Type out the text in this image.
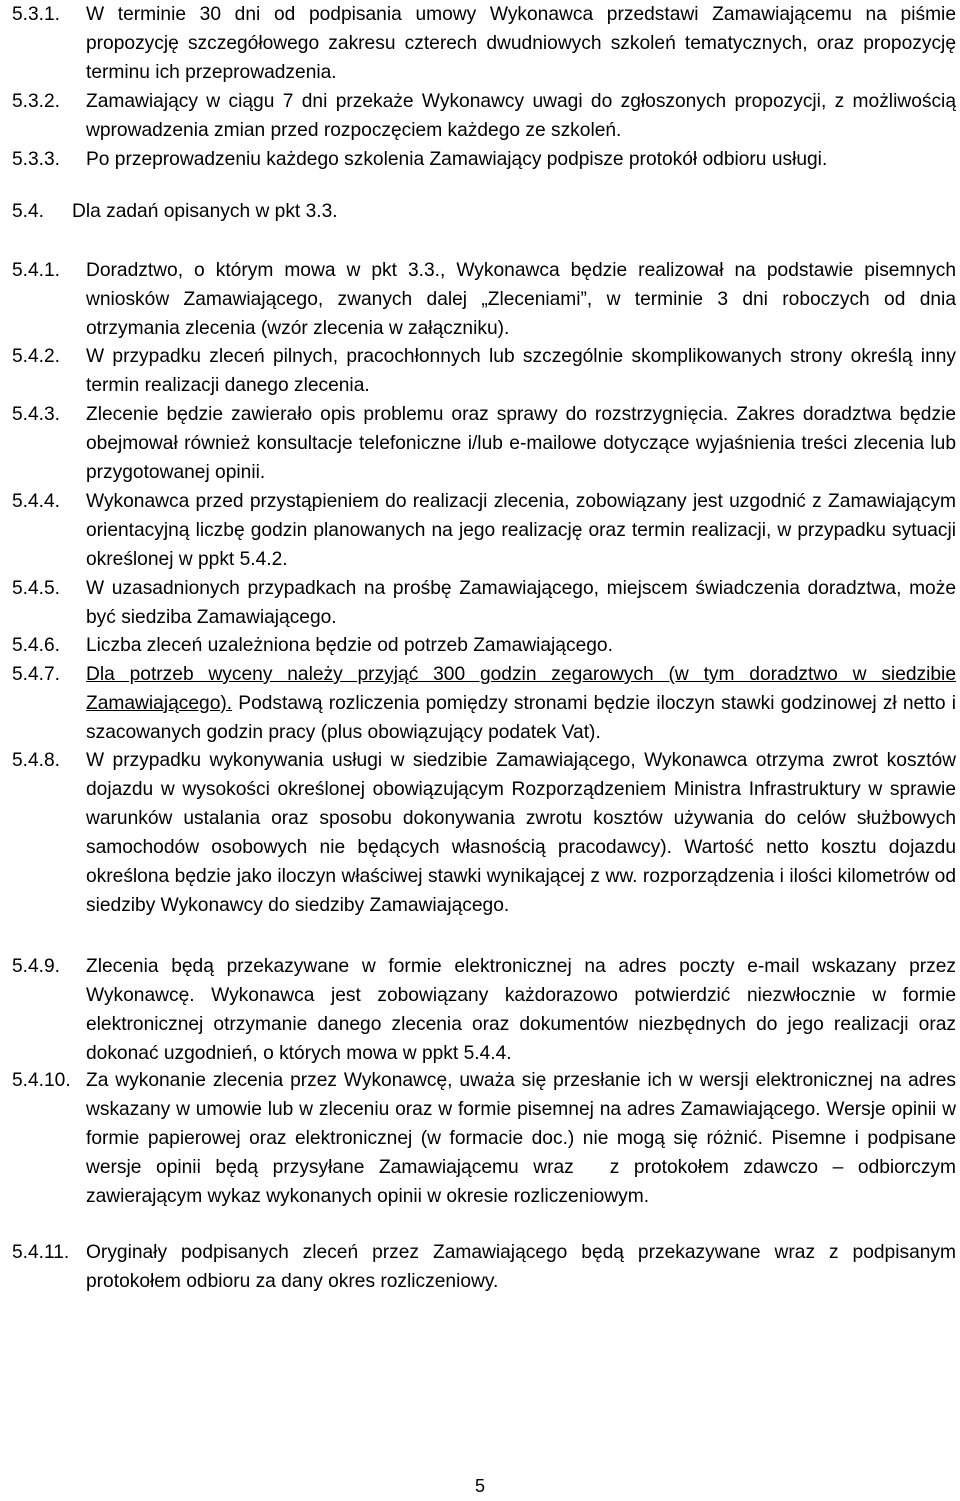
5.3.1.	W terminie 30 dni od podpisania umowy Wykonawca przedstawi Zamawiającemu na piśmie propozycję szczegółowego zakresu czterech dwudniowych szkoleń tematycznych, oraz propozycję terminu ich przeprowadzenia.
5.3.2.	Zamawiający w ciągu 7 dni przekaże Wykonawcy uwagi do zgłoszonych propozycji, z możliwością wprowadzenia zmian przed rozpoczęciem każdego ze szkoleń.
5.3.3.	Po przeprowadzeniu każdego szkolenia Zamawiający podpisze protokół odbioru usługi.
5.4.	Dla zadań opisanych w pkt 3.3.
5.4.1.	Doradztwo, o którym mowa w pkt 3.3., Wykonawca będzie realizował na podstawie pisemnych wniosków Zamawiającego, zwanych dalej „Zleceniami”, w terminie 3 dni roboczych od dnia otrzymania zlecenia (wzór zlecenia w załączniku).
5.4.2.	W przypadku zleceń pilnych, pracochłonnych lub szczególnie skomplikowanych strony określą inny termin realizacji danego zlecenia.
5.4.3.	Zlecenie będzie zawierało opis problemu oraz sprawy do rozstrzygnięcia. Zakres doradztwa będzie obejmował również konsultacje telefoniczne i/lub e-mailowe dotyczące wyjaśnienia treści zlecenia lub przygotowanej opinii.
5.4.4.	Wykonawca przed przystąpieniem do realizacji zlecenia, zobowiązany jest uzgodnić z Zamawiającym orientacyjną liczbę godzin planowanych na jego realizację oraz termin realizacji, w przypadku sytuacji określonej w ppkt 5.4.2.
5.4.5.	W uzasadnionych przypadkach na prośbę Zamawiającego, miejscem świadczenia doradztwa, może być siedziba Zamawiającego.
5.4.6.	Liczba zleceń uzależniona będzie od potrzeb Zamawiającego.
5.4.7.	Dla potrzeb wyceny należy przyjąć 300 godzin zegarowych (w tym doradztwo w siedzibie Zamawiającego). Podstawą rozliczenia pomiędzy stronami będzie iloczyn stawki godzinowej zł netto i szacowanych godzin pracy (plus obowiązujący podatek Vat).
5.4.8.	W przypadku wykonywania usługi w siedzibie Zamawiającego, Wykonawca otrzyma zwrot kosztów dojazdu w wysokości określonej obowiązującym Rozporządzeniem Ministra Infrastruktury w sprawie warunków ustalania oraz sposobu dokonywania zwrotu kosztów używania do celów służbowych samochodów osobowych nie będących własnością pracodawcy). Wartość netto kosztu dojazdu określona będzie jako iloczyn właściwej stawki wynikającej z ww. rozporządzenia i ilości kilometrów od siedziby Wykonawcy do siedziby Zamawiającego.
5.4.9.	Zlecenia będą przekazywane w formie elektronicznej na adres poczty e-mail wskazany przez Wykonawcę. Wykonawca jest zobowiązany każdorazowo potwierdzić niezwłocznie w formie elektronicznej otrzymanie danego zlecenia oraz dokumentów niezbędnych do jego realizacji oraz dokonać uzgodnień, o których mowa w ppkt 5.4.4.
5.4.10. Za wykonanie zlecenia przez Wykonawcę, uważa się przesłanie ich w wersji elektronicznej na adres wskazany w umowie lub w zleceniu oraz w formie pisemnej na adres Zamawiającego. Wersje opinii w formie papierowej oraz elektronicznej (w formacie doc.) nie mogą się różnić. Pisemne i podpisane wersje opinii będą przysyłane Zamawiającemu wraz z protokołem zdawczo – odbiorczym zawierającym wykaz wykonanych opinii w okresie rozliczeniowym.
5.4.11. Oryginały podpisanych zleceń przez Zamawiającego będą przekazywane wraz z podpisanym protokołem odbioru za dany okres rozliczeniowy.
5
